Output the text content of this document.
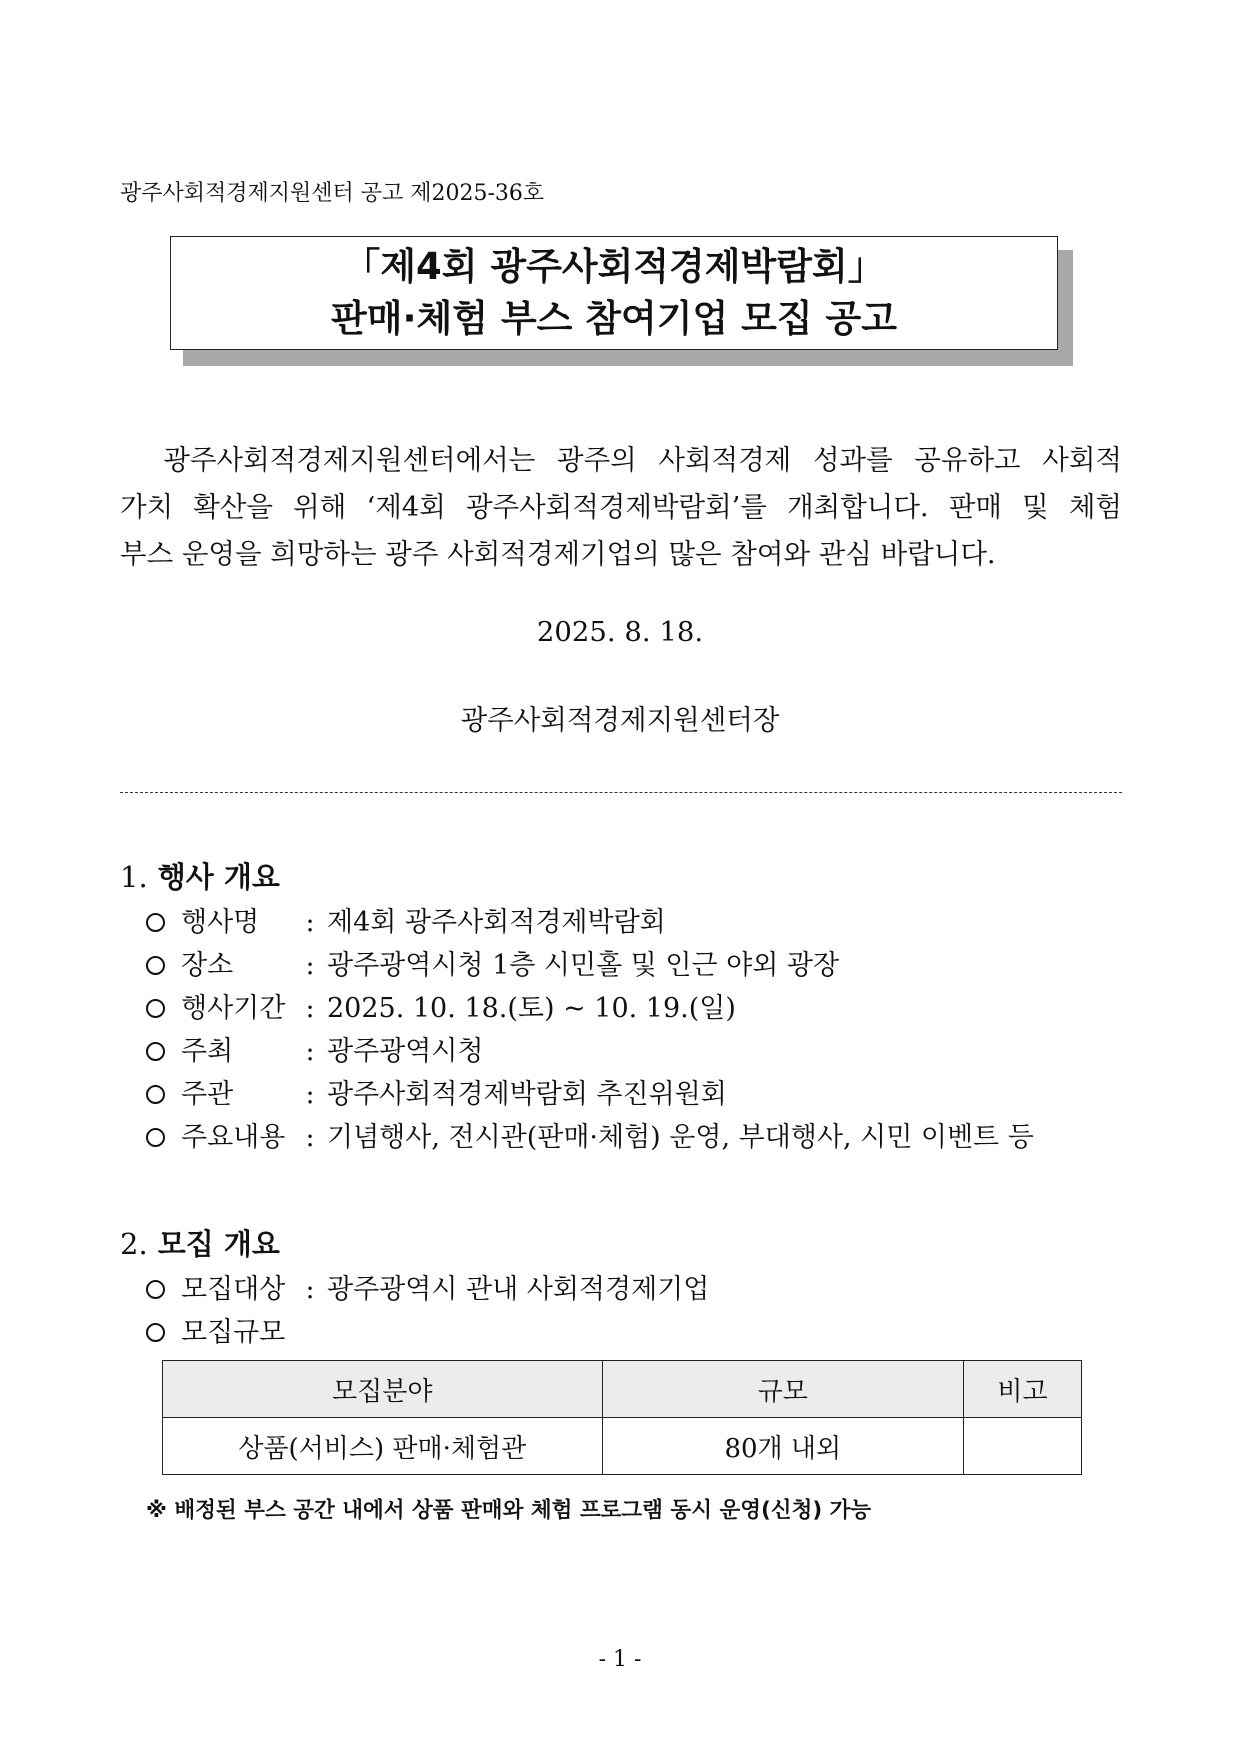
광주사회적경제지원센터 공고 제2025-36호
｢제4회 광주사회적경제박람회｣
판매·체험 부스 참여기업 모집 공고

광주사회적경제지원센터에서는 광주의 사회적경제 성과를 공유하고 사회적

가치 확산을 위해 ‘제4회 광주사회적경제박람회’를 개최합니다. 판매 및 체험

부스 운영을 희망하는 광주 사회적경제기업의 많은 참여와 관심 바랍니다.

2025. 8. 18.
광주사회적경제지원센터장
1. 행사 개요
행사명	: 제4회 광주사회적경제박람회
장소	: 광주광역시청 1층 시민홀 및 인근 야외 광장
행사기간 : 2025. 10. 18.(토) ~ 10. 19.(일)
주최	: 광주광역시청
주관	: 광주사회적경제박람회 추진위원회
주요내용 : 기념행사, 전시관(판매·체험) 운영, 부대행사, 시민 이벤트 등
2. 모집 개요
모집대상 : 광주광역시 관내 사회적경제기업
모집규모
모집분야	규모	비고
상품(서비스) 판매·체험관	80개 내외	
※ 배정된 부스 공간 내에서 상품 판매와 체험 프로그램 동시 운영(신청) 가능
- 1 -
